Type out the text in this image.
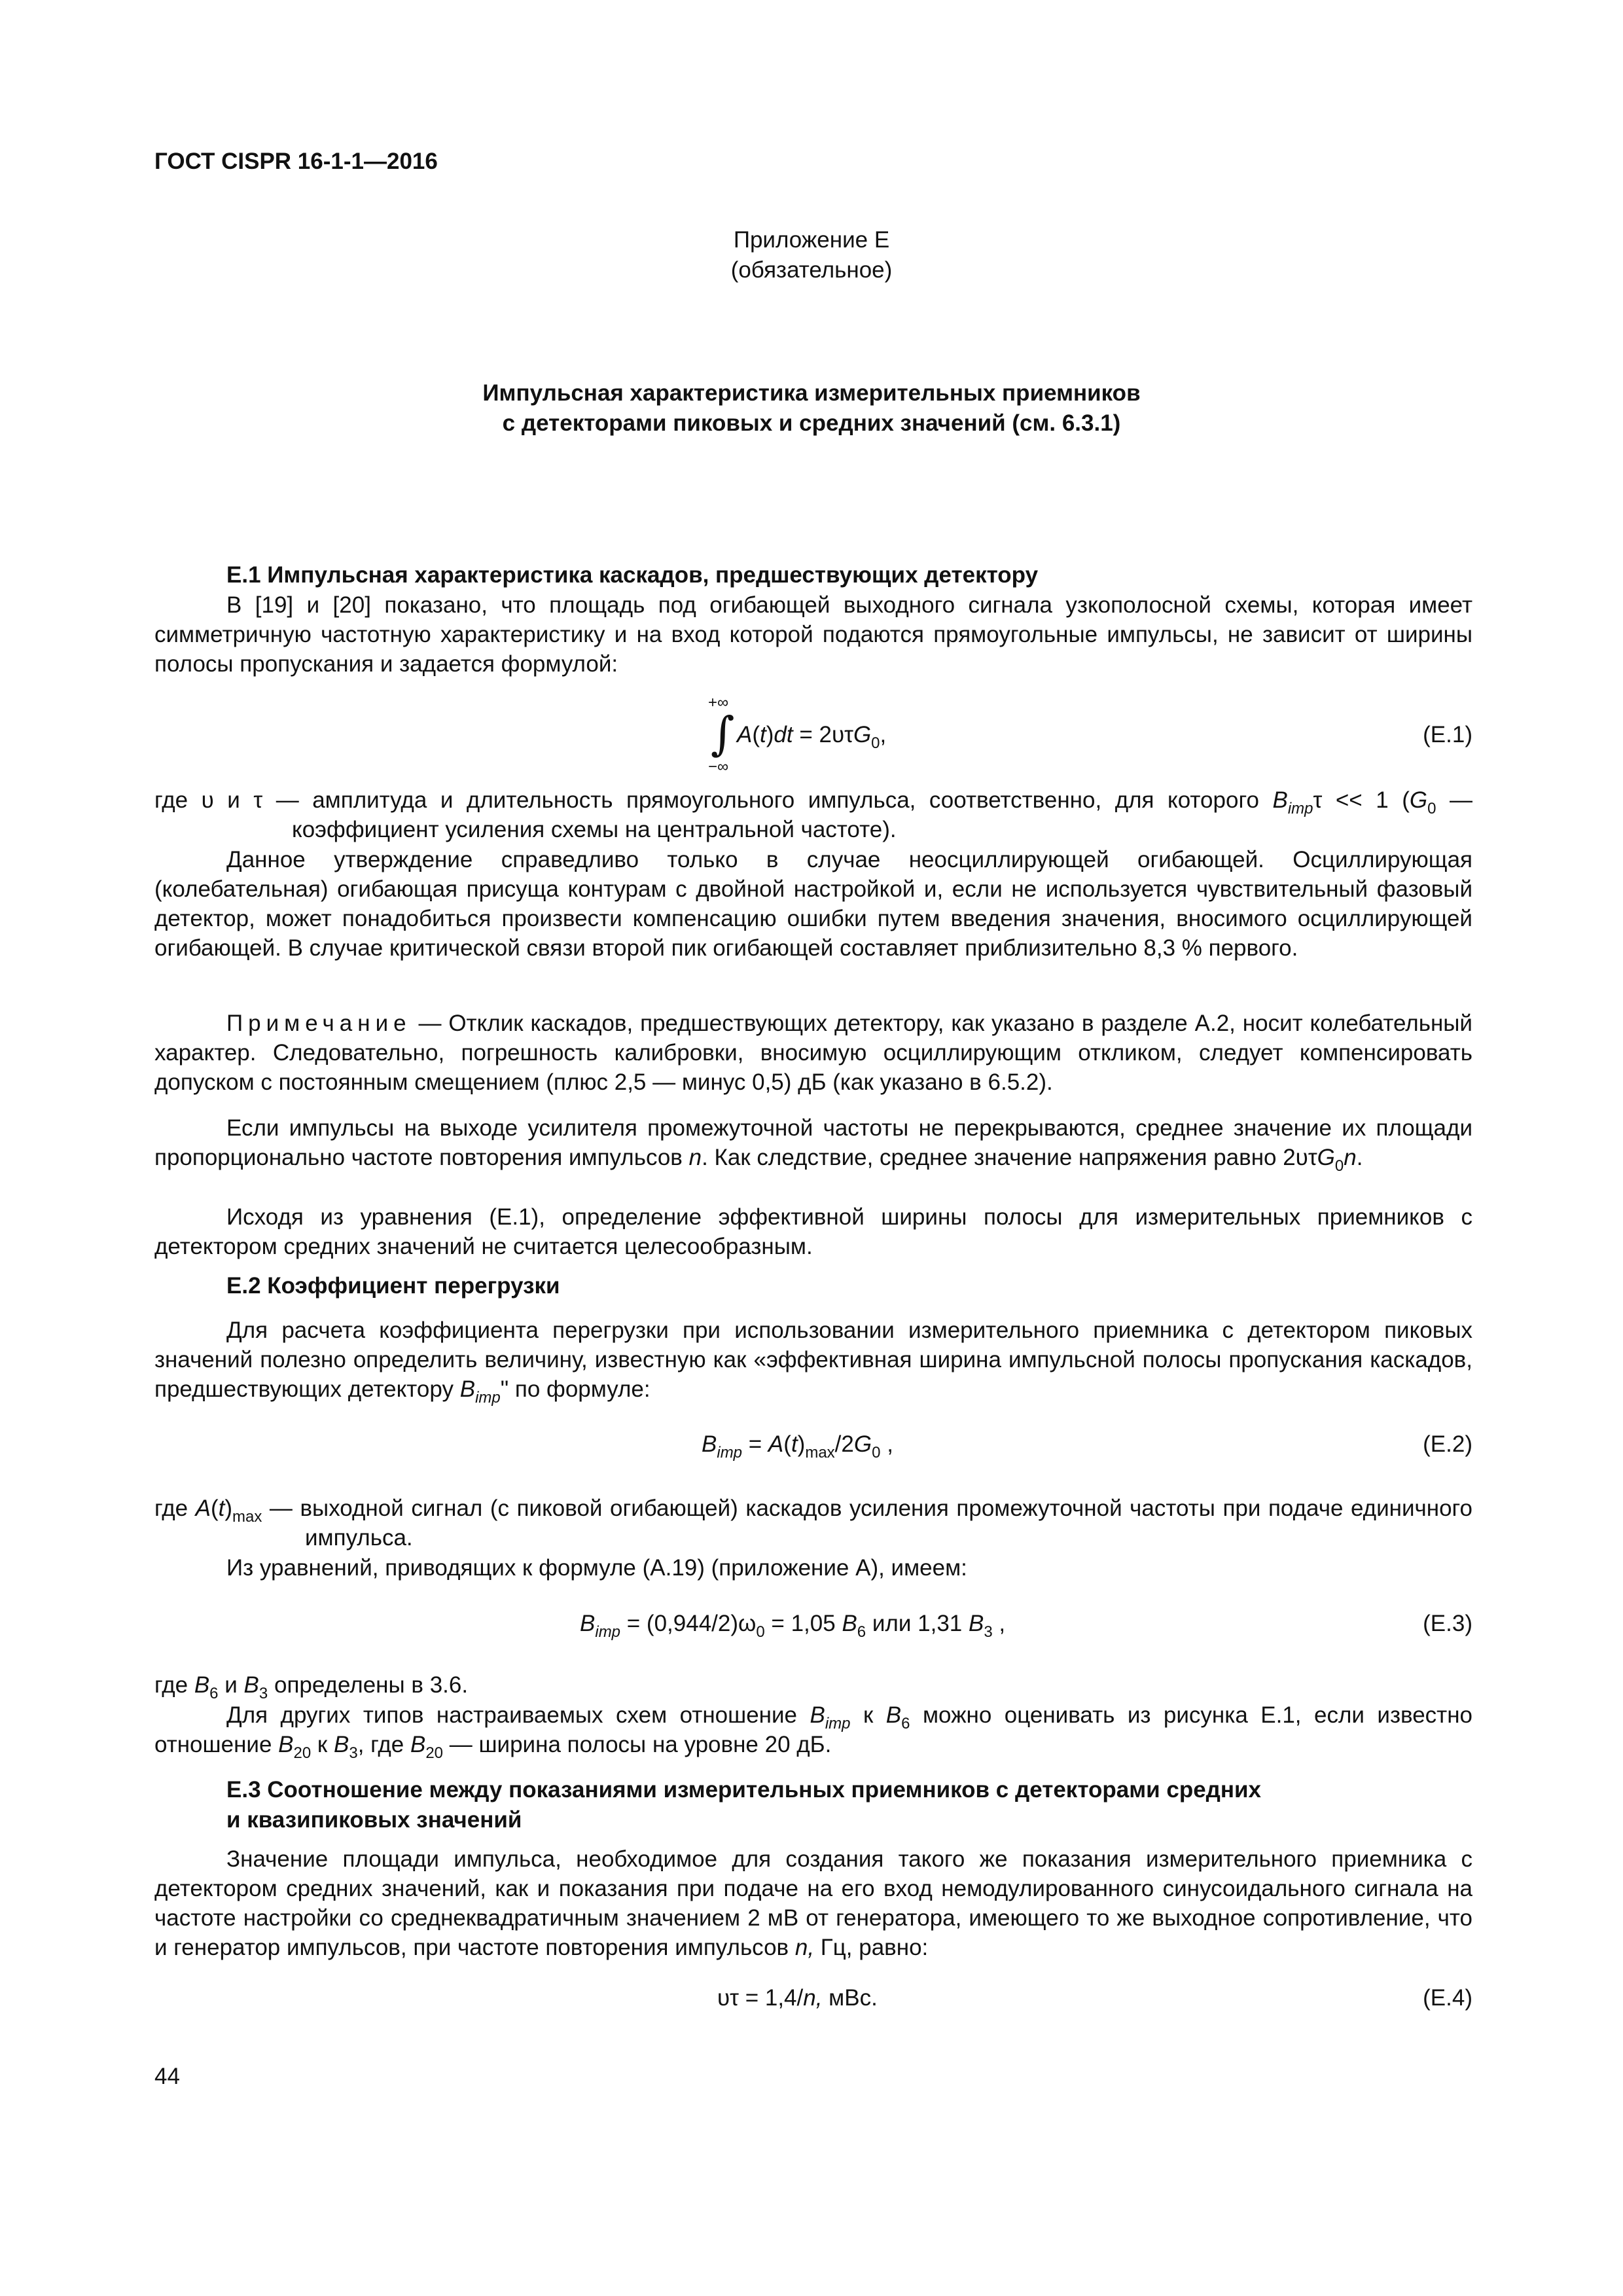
ГОСТ CISPR 16-1-1—2016
Приложение Е
(обязательное)
Импульсная характеристика измерительных приемников
с детекторами пиковых и средних значений (см. 6.3.1)
Е.1 Импульсная характеристика каскадов, предшествующих детектору
В [19] и [20] показано, что площадь под огибающей выходного сигнала узкополосной схемы, которая имеет симметричную частотную характеристику и на вход которой подаются прямоугольные импульсы, не зависит от ширины полосы пропускания и задается формулой:
+∞
∫
−∞
A(t)dt = 2υτG$_0$,	(Е.1)
где υ и τ — амплитуда и длительность прямоугольного импульса, соответственно, для которого $B_{imp}\tau << 1$ ($G_0$ — коэффициент усиления схемы на центральной частоте).
Данное утверждение справедливо только в случае неосциллирующей огибающей. Осциллирующая (колебательная) огибающая присуща контурам с двойной настройкой и, если не используется чувствительный фазовый детектор, может понадобиться произвести компенсацию ошибки путем введения значения, вносимого осциллирующей огибающей. В случае критической связи второй пик огибающей составляет приблизительно 8,3 % первого.
Примечание — Отклик каскадов, предшествующих детектору, как указано в разделе А.2, носит колебательный характер. Следовательно, погрешность калибровки, вносимую осциллирующим откликом, следует компенсировать допуском с постоянным смещением (плюс 2,5 — минус 0,5) дБ (как указано в 6.5.2).
Если импульсы на выходе усилителя промежуточной частоты не перекрываются, среднее значение их площади пропорционально частоте повторения импульсов n. Как следствие, среднее значение напряжения равно 2υτG$_0$n.
Исходя из уравнения (Е.1), определение эффективной ширины полосы для измерительных приемников с детектором средних значений не считается целесообразным.
Е.2 Коэффициент перегрузки
Для расчета коэффициента перегрузки при использовании измерительного приемника с детектором пиковых значений полезно определить величину, известную как «эффективная ширина импульсной полосы пропускания каскадов, предшествующих детектору $B_{imp}$" по формуле:
$B_{imp} = A(t)_{max}/2G_0$ ,	(Е.2)
где $A(t)_{max}$ — выходной сигнал (с пиковой огибающей) каскадов усиления промежуточной частоты при подаче единичного импульса.
Из уравнений, приводящих к формуле (А.19) (приложение А), имеем:
$B_{imp} = (0,944/2)\omega_0 = 1,05$ $B_6$ или 1,31 $B_3$ ,	(Е.3)
где $B_6$ и $B_3$ определены в 3.6.
Для других типов настраиваемых схем отношение $B_{imp}$ к $B_6$ можно оценивать из рисунка Е.1, если известно отношение $B_{20}$ к $B_3$, где $B_{20}$ — ширина полосы на уровне 20 дБ.
Е.3 Соотношение между показаниями измерительных приемников с детекторами средних
и квазипиковых значений
Значение площади импульса, необходимое для создания такого же показания измерительного приемника с детектором средних значений, как и показания при подаче на его вход немодулированного синусоидального сигнала на частоте настройки со среднеквадратичным значением 2 мВ от генератора, имеющего то же выходное сопротивление, что и генератор импульсов, при частоте повторения импульсов n, Гц, равно:
υτ = 1,4/n, мВс.	(Е.4)
44
